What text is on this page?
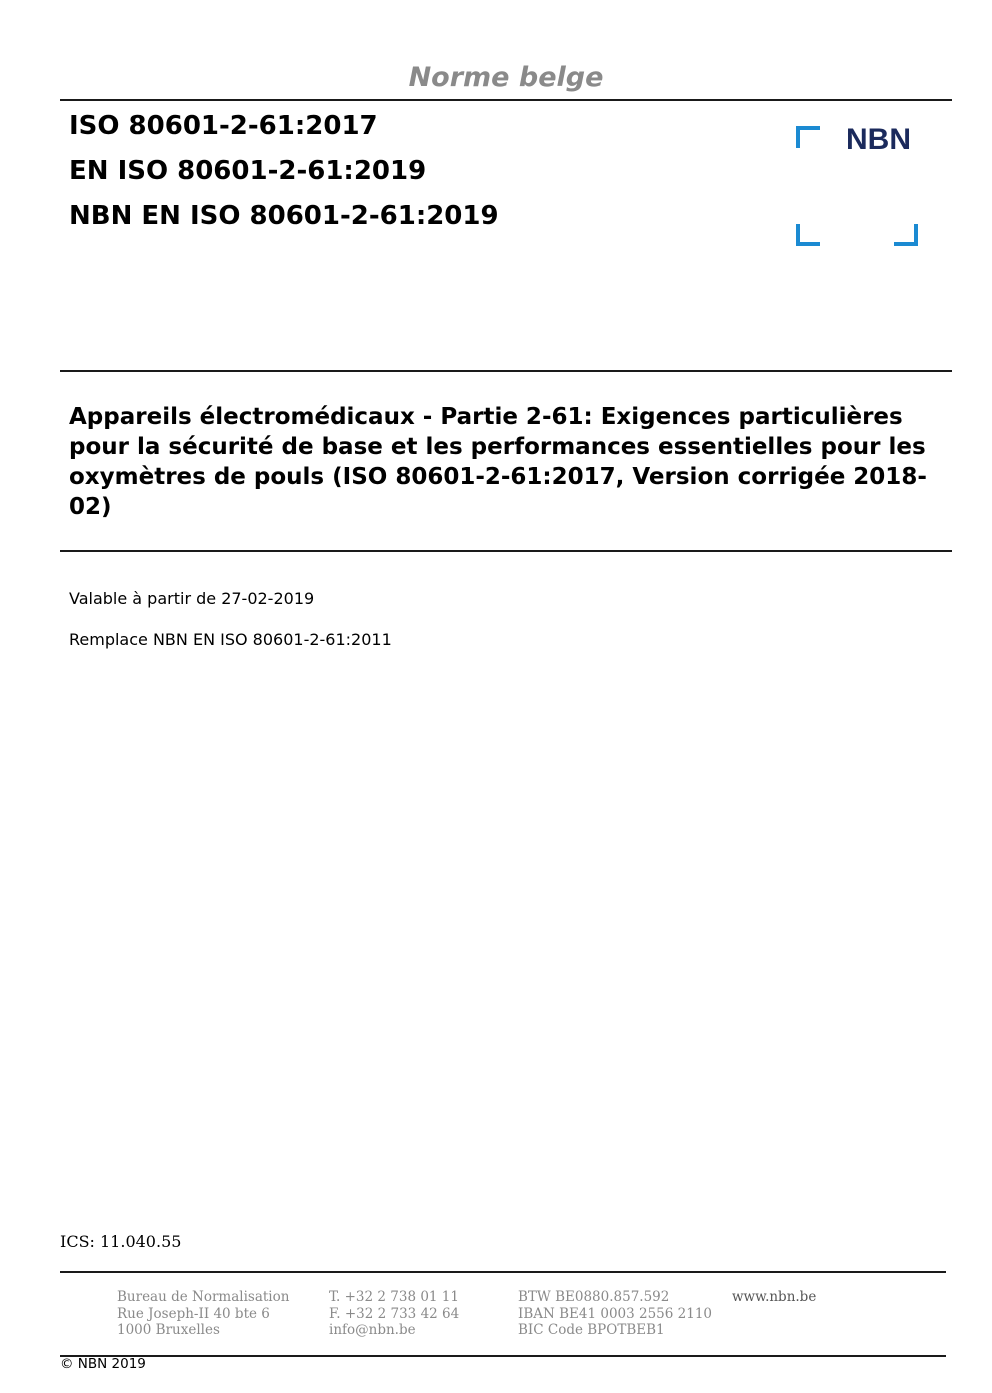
Norme belge
ISO 80601-2-61:2017
EN ISO 80601-2-61:2019
NBN EN ISO 80601-2-61:2019
NBN
Appareils électromédicaux - Partie 2-61: Exigences particulières pour la sécurité de base et les performances essentielles pour les oxymètres de pouls (ISO 80601-2-61:2017, Version corrigée 2018-02)
Valable à partir de 27-02-2019
Remplace NBN EN ISO 80601-2-61:2011
ICS: 11.040.55
Bureau de Normalisation
Rue Joseph-II 40 bte 6
1000 Bruxelles
T. +32 2 738 01 11
F. +32 2 733 42 64
info@nbn.be
BTW BE0880.857.592
IBAN BE41 0003 2556 2110
BIC Code BPOTBEB1
www.nbn.be
© NBN 2019
